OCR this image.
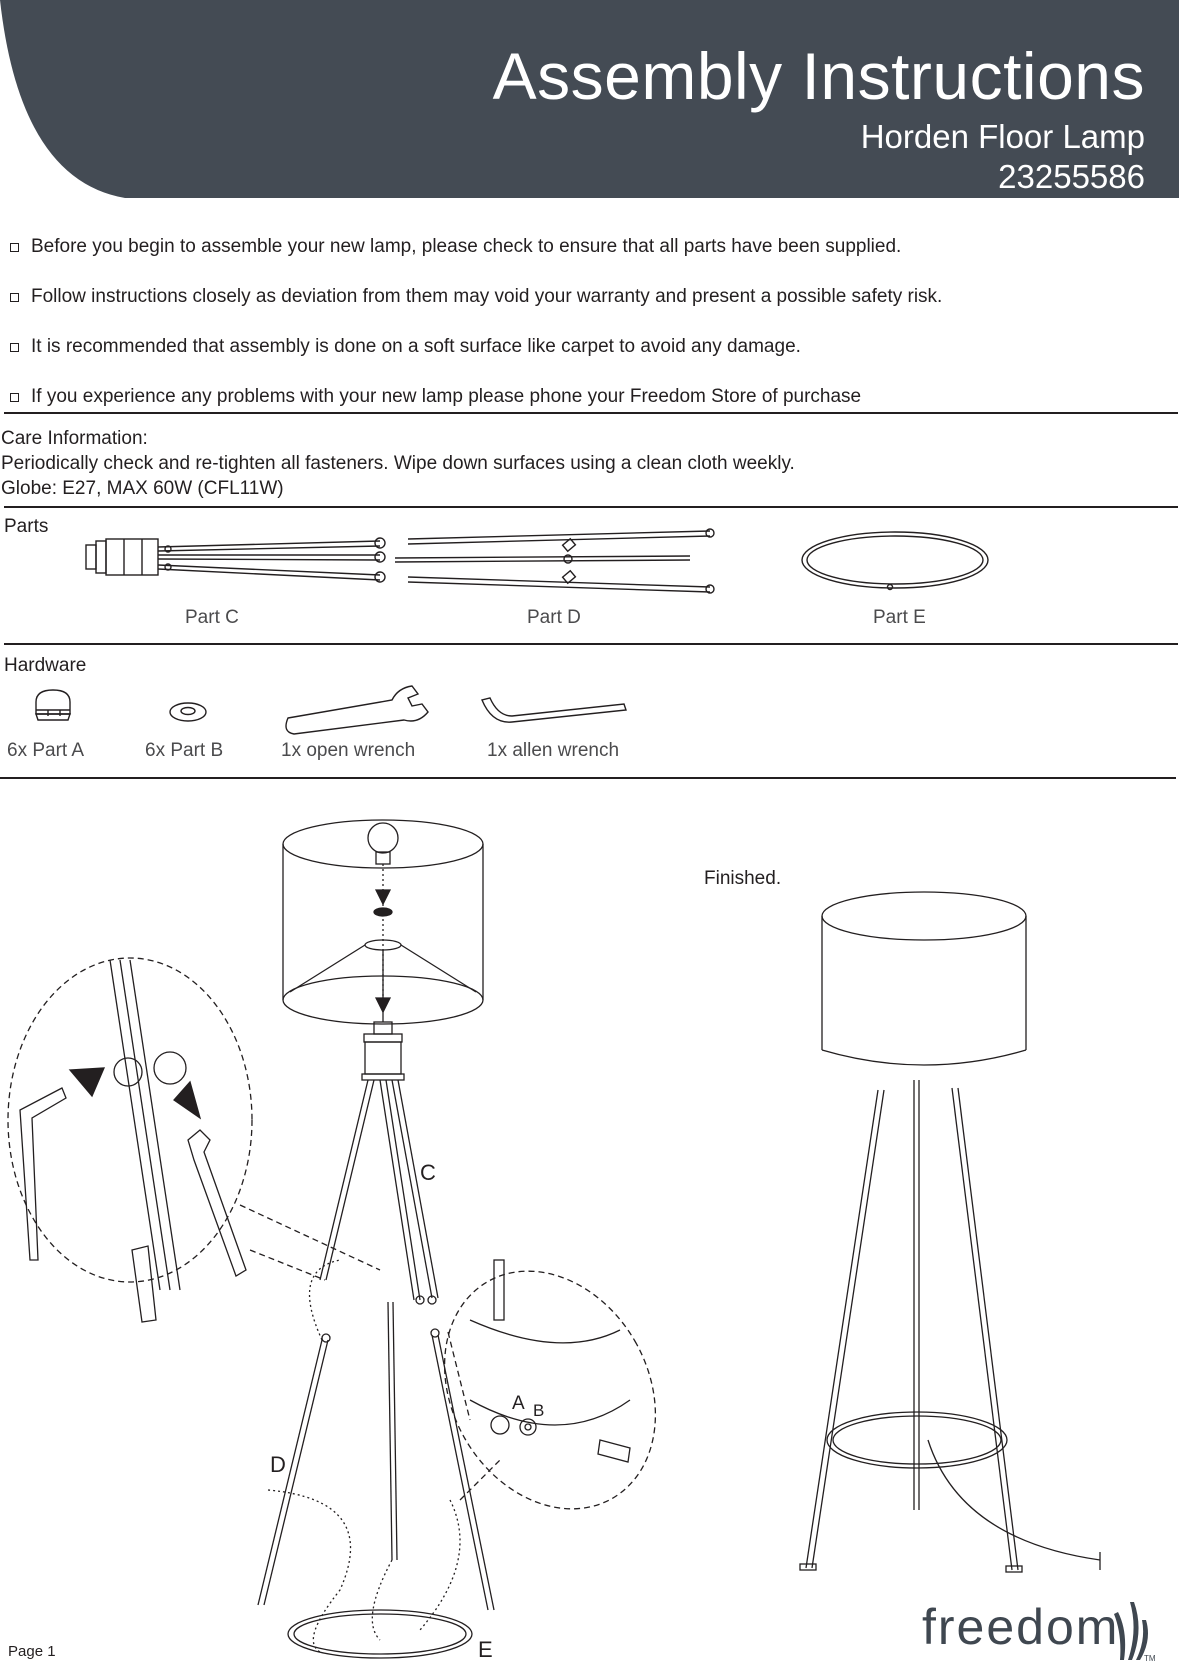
Assembly Instructions
Horden Floor Lamp
23255586
Before you begin to assemble your new lamp, please check to ensure that all parts have been supplied.
Follow instructions closely as deviation from them may void your warranty and present a possible safety risk.
It is recommended that assembly is done on a soft surface like carpet to avoid any damage.
If you experience any problems with your new lamp please phone your Freedom Store of purchase
Care Information:
Periodically check and re-tighten all fasteners. Wipe down surfaces using a clean cloth weekly.
Globe: E27, MAX 60W (CFL11W)
Parts
Part C	Part D	Part E
Hardware
6x Part A	6x Part B	1x open wrench	1x allen wrench
C
D
E
A B
Finished.
Page 1	freedom
TM
